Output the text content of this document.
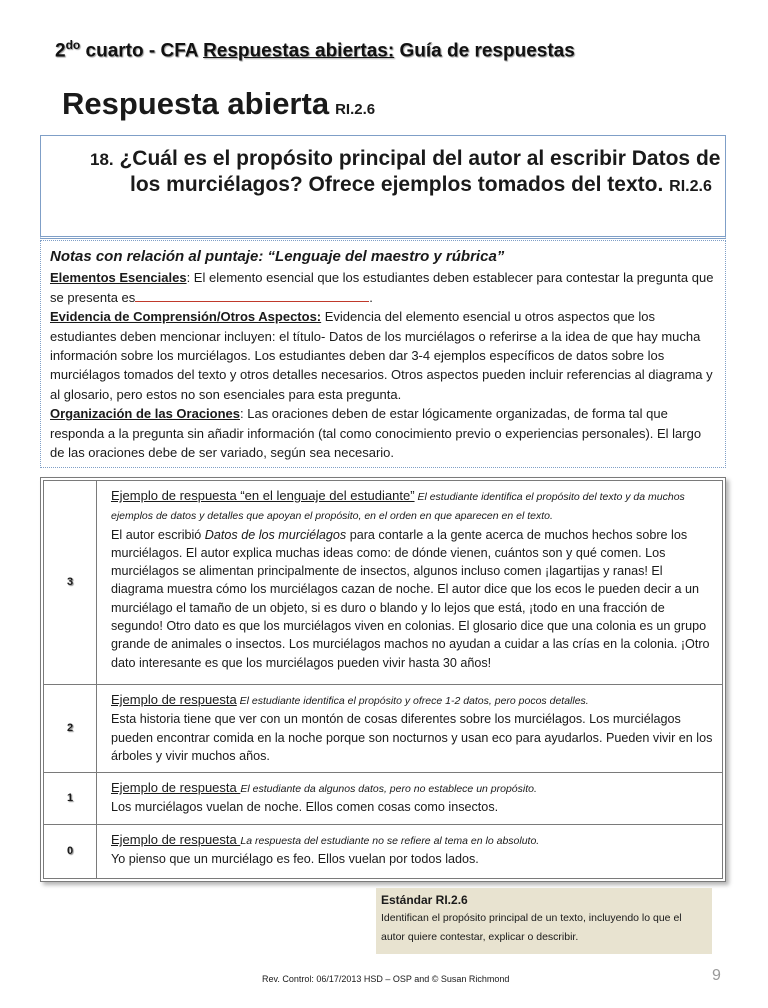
$2^{do}$ cuarto - CFA Respuestas abiertas: Guía de respuestas
Respuesta abierta RI.2.6
18. ¿Cuál es el propósito principal del autor al escribir Datos de los murciélagos? Ofrece ejemplos tomados del texto. RI.2.6
Notas con relación al puntaje: “Lenguaje del maestro y rúbrica”
Elementos Esenciales: El elemento esencial que los estudiantes deben establecer para contestar la pregunta que se presenta es	.
Evidencia de Comprensión/Otros Aspectos: Evidencia del elemento esencial u otros aspectos que los estudiantes deben mencionar incluyen: el título- Datos de los murciélagos o referirse a la idea de que hay mucha información sobre los murciélagos. Los estudiantes deben dar 3-4 ejemplos específicos de datos sobre los murciélagos tomados del texto y otros detalles necesarios. Otros aspectos pueden incluir referencias al diagrama y al glosario, pero estos no son esenciales para esta pregunta.
Organización de las Oraciones: Las oraciones deben de estar lógicamente organizadas, de forma tal que responda a la pregunta sin añadir información (tal como conocimiento previo o experiencias personales). El largo de las oraciones debe de ser variado, según sea necesario.
3	Ejemplo de respuesta “en el lenguaje del estudiante” El estudiante identifica el propósito del texto y da muchos ejemplos de datos y detalles que apoyan el propósito, en el orden en que aparecen en el texto.
El autor escribió Datos de los murciélagos para contarle a la gente acerca de muchos hechos sobre los murciélagos. El autor explica muchas ideas como: de dónde vienen, cuántos son y qué comen. Los murciélagos se alimentan principalmente de insectos, algunos incluso comen ¡lagartijas y ranas! El diagrama muestra cómo los murciélagos cazan de noche. El autor dice que los ecos le pueden decir a un murciélago el tamaño de un objeto, si es duro o blando y lo lejos que está, ¡todo en una fracción de segundo! Otro dato es que los murciélagos viven en colonias. El glosario dice que una colonia es un grupo grande de animales o insectos. Los murciélagos machos no ayudan a cuidar a las crías en la colonia. ¡Otro dato interesante es que los murciélagos pueden vivir hasta 30 años!
2	Ejemplo de respuesta El estudiante identifica el propósito y ofrece 1-2 datos, pero pocos detalles.
Esta historia tiene que ver con un montón de cosas diferentes sobre los murciélagos. Los murciélagos pueden encontrar comida en la noche porque son nocturnos y usan eco para ayudarlos. Pueden vivir en los árboles y vivir muchos años.
1	Ejemplo de respuesta El estudiante da algunos datos, pero no establece un propósito.
Los murciélagos vuelan de noche. Ellos comen cosas como insectos.
0	Ejemplo de respuesta La respuesta del estudiante no se refiere al tema en lo absoluto.
Yo pienso que un murciélago es feo. Ellos vuelan por todos lados.
Estándar RI.2.6
Identifican el propósito principal de un texto, incluyendo lo que el autor quiere contestar, explicar o describir.
Rev. Control: 06/17/2013 HSD – OSP and © Susan Richmond	9
